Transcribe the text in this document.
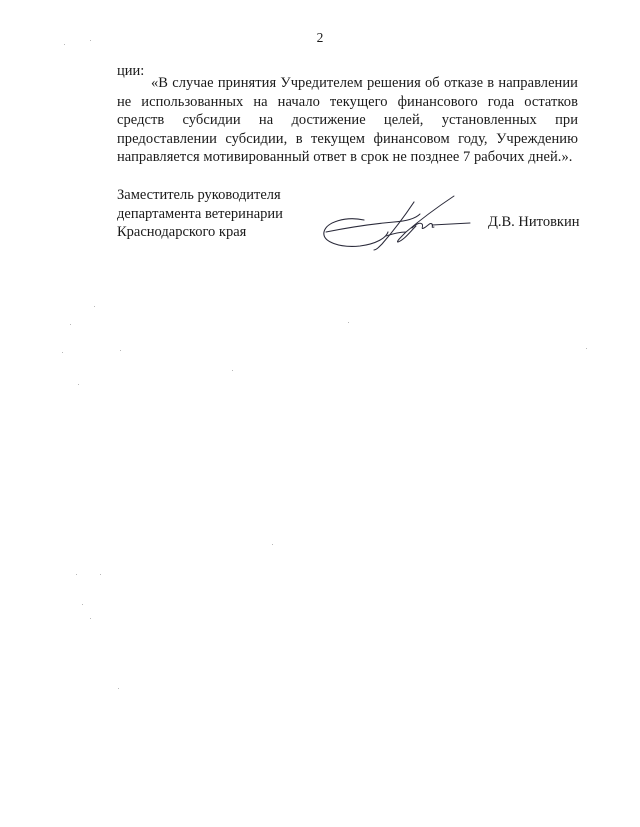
2
ции:

«В случае принятия Учредителем решения об отказе в направлении не использованных на начало текущего финансового года остатков средств субсидии на достижение целей, установленных при предоставлении субсидии, в текущем финансовом году, Учреждению направляется мотивированный ответ в срок не позднее 7 рабочих дней.».

Заместитель руководителя
департамента ветеринарии
Краснодарского края
Д.В. Нитовкин
